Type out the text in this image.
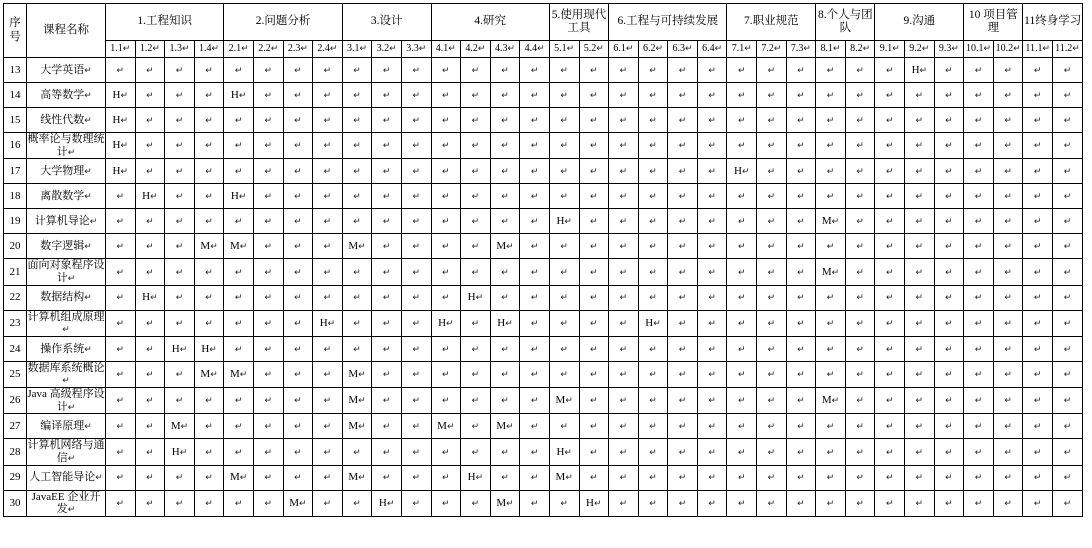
序号	课程名称	1.工程知识				2.问题分析				3.设计			4.研究				5.使用现代工具		6.工程与可持续发展				7.职业规范			8.个人与团队		9.沟通			10 项目管理		11终身学习	

		1.1↵	1.2↵	1.3↵	1.4↵	2.1↵	2.2↵	2.3↵	2.4↵	3.1↵	3.2↵	3.3↵	4.1↵	4.2↵	4.3↵	4.4↵	5.1↵	5.2↵	6.1↵	6.2↵	6.3↵	6.4↵	7.1↵	7.2↵	7.3↵	8.1↵	8.2↵	9.1↵	9.2↵	9.3↵	10.1↵	10.2↵	11.1↵	11.2↵

13	大学英语↵	↵	↵	↵	↵	↵	↵	↵	↵	↵	↵	↵	↵	↵	↵	↵	↵	↵	↵	↵	↵	↵	↵	↵	↵	↵	↵	↵	H↵	↵	↵	↵	↵	↵

14	高等数学↵	H↵	↵	↵	↵	H↵	↵	↵	↵	↵	↵	↵	↵	↵	↵	↵	↵	↵	↵	↵	↵	↵	↵	↵	↵	↵	↵	↵	↵	↵	↵	↵	↵	↵

15	线性代数↵	H↵	↵	↵	↵	↵	↵	↵	↵	↵	↵	↵	↵	↵	↵	↵	↵	↵	↵	↵	↵	↵	↵	↵	↵	↵	↵	↵	↵	↵	↵	↵	↵	↵

16	概率论与数理统计↵	H↵	↵	↵	↵	↵	↵	↵	↵	↵	↵	↵	↵	↵	↵	↵	↵	↵	↵	↵	↵	↵	↵	↵	↵	↵	↵	↵	↵	↵	↵	↵	↵	↵

17	大学物理↵	H↵	↵	↵	↵	↵	↵	↵	↵	↵	↵	↵	↵	↵	↵	↵	↵	↵	↵	↵	↵	↵	H↵	↵	↵	↵	↵	↵	↵	↵	↵	↵	↵	↵

18	离散数学↵	↵	H↵	↵	↵	H↵	↵	↵	↵	↵	↵	↵	↵	↵	↵	↵	↵	↵	↵	↵	↵	↵	↵	↵	↵	↵	↵	↵	↵	↵	↵	↵	↵	↵

19	计算机导论↵	↵	↵	↵	↵	↵	↵	↵	↵	↵	↵	↵	↵	↵	↵	↵	H↵	↵	↵	↵	↵	↵	↵	↵	↵	M↵	↵	↵	↵	↵	↵	↵	↵	↵

20	数字逻辑↵	↵	↵	↵	M↵	M↵	↵	↵	↵	M↵	↵	↵	↵	↵	M↵	↵	↵	↵	↵	↵	↵	↵	↵	↵	↵	↵	↵	↵	↵	↵	↵	↵	↵	↵

21	面向对象程序设计↵	↵	↵	↵	↵	↵	↵	↵	↵	↵	↵	↵	↵	↵	↵	↵	↵	↵	↵	↵	↵	↵	↵	↵	↵	M↵	↵	↵	↵	↵	↵	↵	↵	↵

22	数据结构↵	↵	H↵	↵	↵	↵	↵	↵	↵	↵	↵	↵	↵	H↵	↵	↵	↵	↵	↵	↵	↵	↵	↵	↵	↵	↵	↵	↵	↵	↵	↵	↵	↵	↵

23	计算机组成原理↵	↵	↵	↵	↵	↵	↵	↵	H↵	↵	↵	↵	H↵	↵	H↵	↵	↵	↵	↵	H↵	↵	↵	↵	↵	↵	↵	↵	↵	↵	↵	↵	↵	↵	↵

24	操作系统↵	↵	↵	H↵	H↵	↵	↵	↵	↵	↵	↵	↵	↵	↵	↵	↵	↵	↵	↵	↵	↵	↵	↵	↵	↵	↵	↵	↵	↵	↵	↵	↵	↵	↵

25	数据库系统概论↵	↵	↵	↵	M↵	M↵	↵	↵	↵	M↵	↵	↵	↵	↵	↵	↵	↵	↵	↵	↵	↵	↵	↵	↵	↵	↵	↵	↵	↵	↵	↵	↵	↵	↵

26	Java 高级程序设计↵	↵	↵	↵	↵	↵	↵	↵	↵	M↵	↵	↵	↵	↵	↵	↵	M↵	↵	↵	↵	↵	↵	↵	↵	↵	M↵	↵	↵	↵	↵	↵	↵	↵	↵

27	编译原理↵	↵	↵	M↵	↵	↵	↵	↵	↵	M↵	↵	↵	M↵	↵	M↵	↵	↵	↵	↵	↵	↵	↵	↵	↵	↵	↵	↵	↵	↵	↵	↵	↵	↵	↵

28	计算机网络与通信↵	↵	↵	H↵	↵	↵	↵	↵	↵	↵	↵	↵	↵	↵	↵	↵	H↵	↵	↵	↵	↵	↵	↵	↵	↵	↵	↵	↵	↵	↵	↵	↵	↵	↵

29	人工智能导论↵	↵	↵	↵	↵	M↵	↵	↵	↵	M↵	↵	↵	↵	H↵	↵	↵	M↵	↵	↵	↵	↵	↵	↵	↵	↵	↵	↵	↵	↵	↵	↵	↵	↵	↵

30	JavaEE 企业开发↵	↵	↵	↵	↵	↵	↵	M↵	↵	↵	H↵	↵	↵	↵	M↵	↵	↵	H↵	↵	↵	↵	↵	↵	↵	↵	↵	↵	↵	↵	↵	↵	↵	↵	↵
